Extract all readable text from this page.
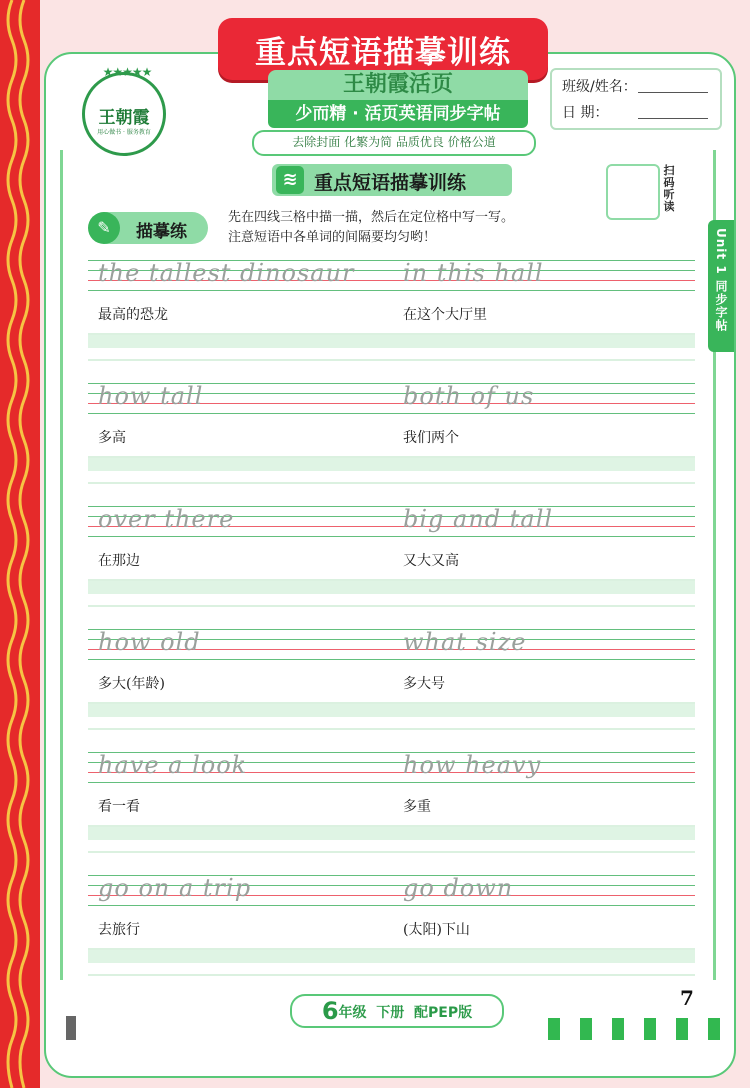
重点短语描摹训练
★★★★★
王朝霞
用心做书 · 服务教育
王朝霞活页
少而精 · 活页英语同步字帖
去除封面 化繁为简 品质优良 价格公道
班级/姓名：
日 期：
≋ 重点短语描摹训练
扫码听读
Unit 1 同步字帖
✎	描摹练
先在四线三格中描一描，然后在定位格中写一写。
注意短语中各单词的间隔要均匀哟！
the tallest dinosaur
最高的恐龙
in this hall
在这个大厅里
how tall
多高
both of us
我们两个
over there
在那边
big and tall
又大又高
how old
多大(年龄)
what size
多大号
have a look
看一看
how heavy
多重
go on a trip
去旅行
go down
(太阳)下山
6年级 下册 配PEP版
7
